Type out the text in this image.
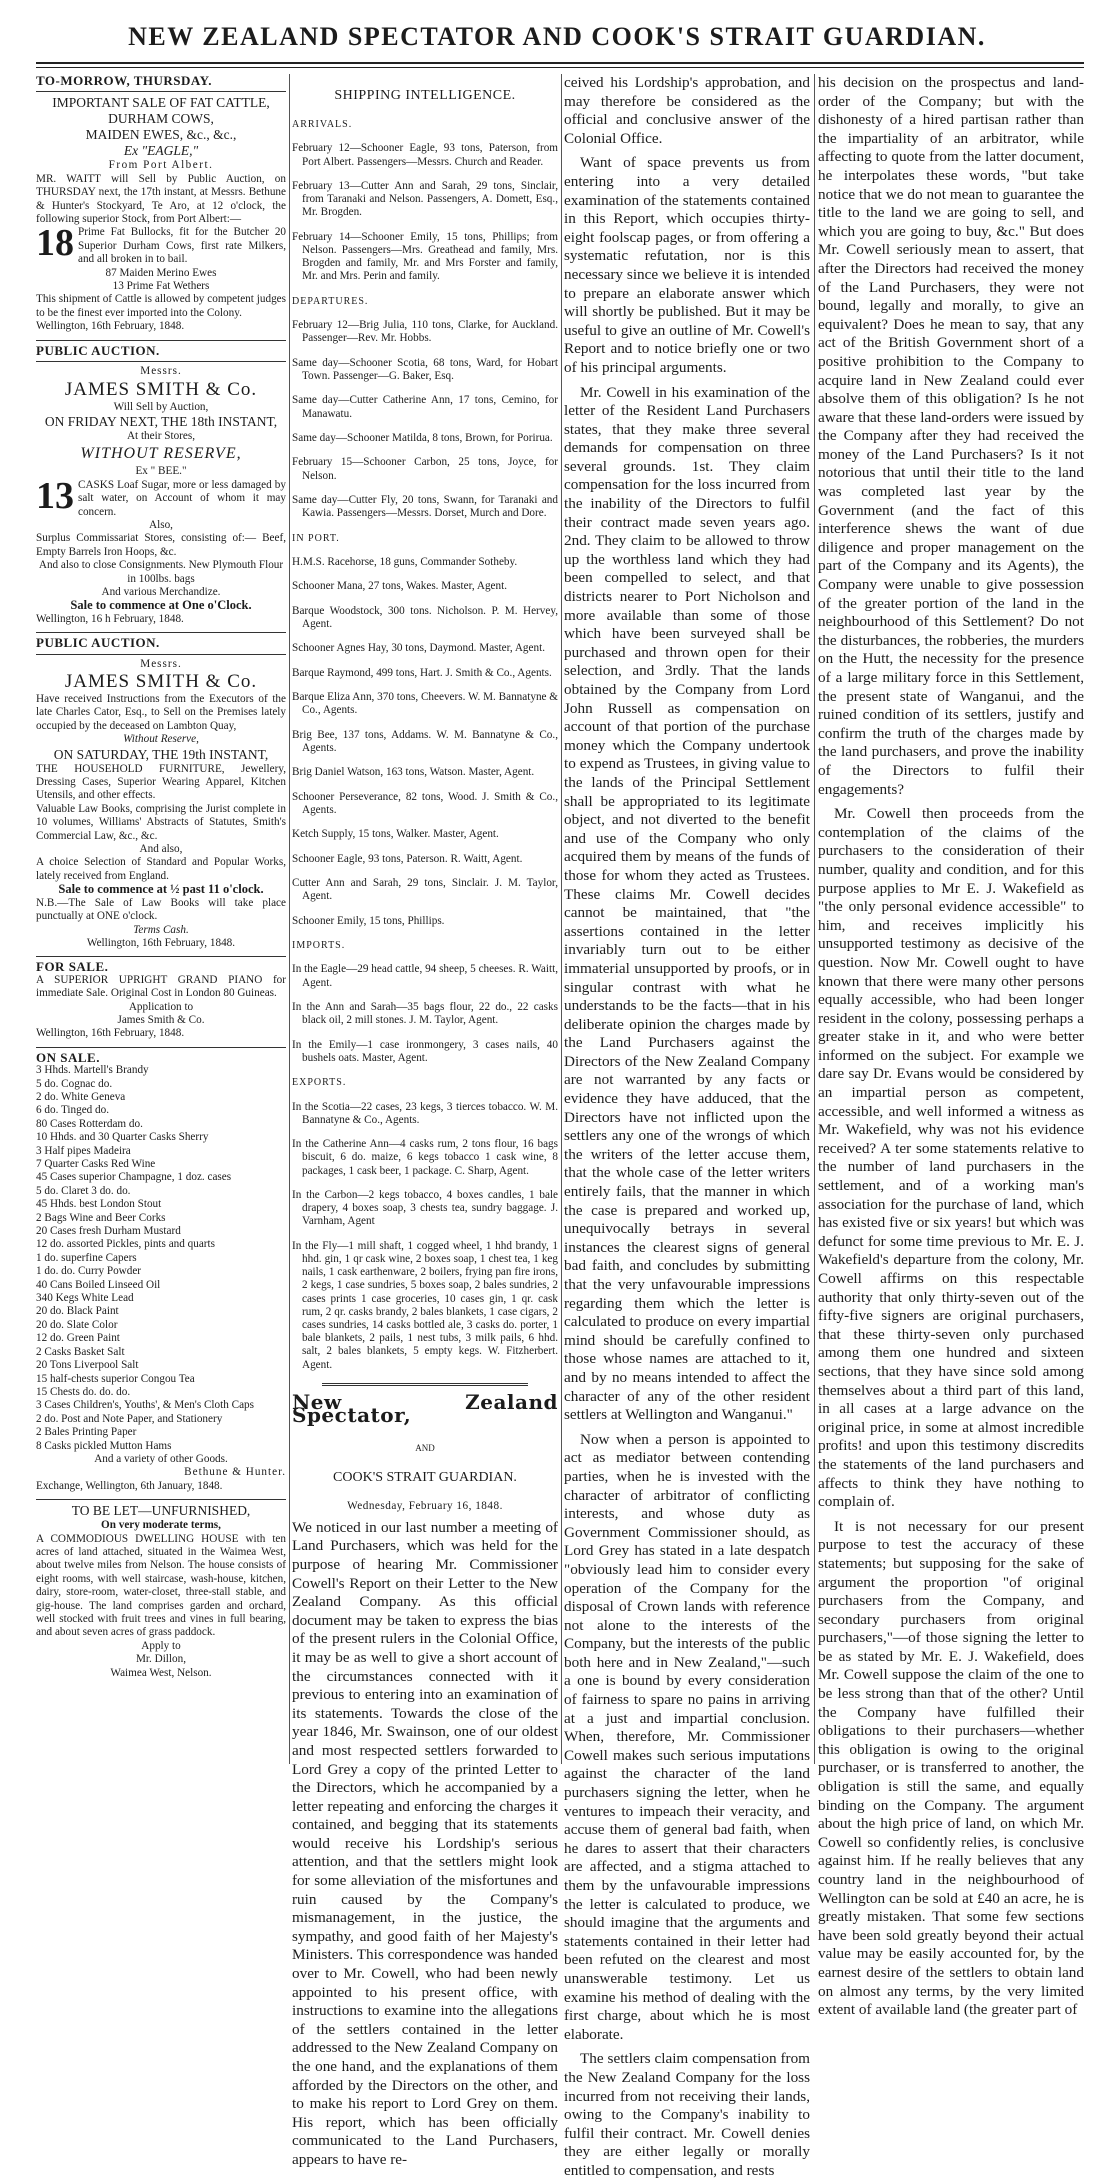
NEW ZEALAND SPECTATOR AND COOK'S STRAIT GUARDIAN.

TO-MORROW, THURSDAY.

IMPORTANT SALE OF FAT CATTLE, DURHAM COWS,

MAIDEN EWES, &c., &c.,

Ex "EAGLE,"

From Port Albert.

MR. WAITT will Sell by Public Auction, on THURSDAY next, the 17th instant, at Messrs. Bethune & Hunter's Stockyard, Te Aro, at 12 o'clock, the following superior Stock, from Port Albert:—

18 Prime Fat Bullocks, fit for the Butcher 20 Superior Durham Cows, first rate Milkers, and all broken in to bail.

87 Maiden Merino Ewes

13 Prime Fat Wethers

This shipment of Cattle is allowed by competent judges to be the finest ever imported into the Colony.

Wellington, 16th February, 1848.

PUBLIC AUCTION.

Messrs.

JAMES SMITH & Co.

Will Sell by Auction,

ON FRIDAY NEXT, THE 18th INSTANT,

At their Stores,

WITHOUT RESERVE,

Ex " BEE."

13 CASKS Loaf Sugar, more or less damaged by salt water, on Account of whom it may concern.

Also,

Surplus Commissariat Stores, consisting of:— Beef, Empty Barrels Iron Hoops, &c.

And also to close Consignments. New Plymouth Flour in 100lbs. bags

And various Merchandize.

Sale to commence at One o'Clock.

Wellington, 16 h February, 1848.

PUBLIC AUCTION.

Messrs.

JAMES SMITH & Co.

Have received Instructions from the Executors of the late Charles Cator, Esq., to Sell on the Premises lately occupied by the deceased on Lambton Quay,

Without Reserve,

ON SATURDAY, THE 19th INSTANT,

THE HOUSEHOLD FURNITURE, Jewellery, Dressing Cases, Superior Wearing Apparel, Kitchen Utensils, and other effects.

Valuable Law Books, comprising the Jurist complete in 10 volumes, Williams' Abstracts of Statutes, Smith's Commercial Law, &c., &c.

And also,

A choice Selection of Standard and Popular Works, lately received from England.

Sale to commence at ½ past 11 o'clock.

N.B.—The Sale of Law Books will take place punctually at ONE o'clock.

Terms Cash.

Wellington, 16th February, 1848.

FOR SALE.

A SUPERIOR UPRIGHT GRAND PIANO for immediate Sale. Original Cost in London 80 Guineas.

Application to

James Smith & Co.

Wellington, 16th February, 1848.

ON SALE.

3 Hhds. Martell's Brandy

5 do. Cognac do.

2 do. White Geneva

6 do. Tinged do.

80 Cases Rotterdam do.

10 Hhds. and 30 Quarter Casks Sherry

3 Half pipes Madeira

7 Quarter Casks Red Wine

45 Cases superior Champagne, 1 doz. cases

5 do. Claret 3 do. do.

45 Hhds. best London Stout

2 Bags Wine and Beer Corks

20 Cases fresh Durham Mustard

12 do. assorted Pickles, pints and quarts

1 do. superfine Capers

1 do. do. Curry Powder

40 Cans Boiled Linseed Oil

340 Kegs White Lead

20 do. Black Paint

20 do. Slate Color

12 do. Green Paint

2 Casks Basket Salt

20 Tons Liverpool Salt

15 half-chests superior Congou Tea

15 Chests do. do. do.

3 Cases Children's, Youths', & Men's Cloth Caps

2 do. Post and Note Paper, and Stationery

2 Bales Printing Paper

8 Casks pickled Mutton Hams

And a variety of other Goods.

Bethune & Hunter.

Exchange, Wellington, 6th January, 1848.

TO BE LET—UNFURNISHED,

On very moderate terms,

A COMMODIOUS DWELLING HOUSE with ten acres of land attached, situated in the Waimea West, about twelve miles from Nelson. The house consists of eight rooms, with well staircase, wash-house, kitchen, dairy, store-room, water-closet, three-stall stable, and gig-house. The land comprises garden and orchard, well stocked with fruit trees and vines in full bearing, and about seven acres of grass paddock.

Apply to

Mr. Dillon,

Waimea West, Nelson.

SHIPPING INTELLIGENCE.

ARRIVALS.

February 12—Schooner Eagle, 93 tons, Paterson, from Port Albert. Passengers—Messrs. Church and Reader.

February 13—Cutter Ann and Sarah, 29 tons, Sinclair, from Taranaki and Nelson. Passengers, A. Domett, Esq., Mr. Brogden.

February 14—Schooner Emily, 15 tons, Phillips; from Nelson. Passengers—Mrs. Greathead and family, Mrs. Brogden and family, Mr. and Mrs Forster and family, Mr. and Mrs. Perin and family.

DEPARTURES.

February 12—Brig Julia, 110 tons, Clarke, for Auckland. Passenger—Rev. Mr. Hobbs.

Same day—Schooner Scotia, 68 tons, Ward, for Hobart Town. Passenger—G. Baker, Esq.

Same day—Cutter Catherine Ann, 17 tons, Cemino, for Manawatu.

Same day—Schooner Matilda, 8 tons, Brown, for Porirua.

February 15—Schooner Carbon, 25 tons, Joyce, for Nelson.

Same day—Cutter Fly, 20 tons, Swann, for Taranaki and Kawia. Passengers—Messrs. Dorset, Murch and Dore.

IN PORT.

H.M.S. Racehorse, 18 guns, Commander Sotheby.

Schooner Mana, 27 tons, Wakes. Master, Agent.

Barque Woodstock, 300 tons. Nicholson. P. M. Hervey, Agent.

Schooner Agnes Hay, 30 tons, Daymond. Master, Agent.

Barque Raymond, 499 tons, Hart. J. Smith & Co., Agents.

Barque Eliza Ann, 370 tons, Cheevers. W. M. Bannatyne & Co., Agents.

Brig Bee, 137 tons, Addams. W. M. Bannatyne & Co., Agents.

Brig Daniel Watson, 163 tons, Watson. Master, Agent.

Schooner Perseverance, 82 tons, Wood. J. Smith & Co., Agents.

Ketch Supply, 15 tons, Walker. Master, Agent.

Schooner Eagle, 93 tons, Paterson. R. Waitt, Agent.

Cutter Ann and Sarah, 29 tons, Sinclair. J. M. Taylor, Agent.

Schooner Emily, 15 tons, Phillips.

IMPORTS.

In the Eagle—29 head cattle, 94 sheep, 5 cheeses. R. Waitt, Agent.

In the Ann and Sarah—35 bags flour, 22 do., 22 casks black oil, 2 mill stones. J. M. Taylor, Agent.

In the Emily—1 case ironmongery, 3 cases nails, 40 bushels oats. Master, Agent.

EXPORTS.

In the Scotia—22 cases, 23 kegs, 3 tierces tobacco. W. M. Bannatyne & Co., Agents.

In the Catherine Ann—4 casks rum, 2 tons flour, 16 bags biscuit, 6 do. maize, 6 kegs tobacco 1 cask wine, 8 packages, 1 cask beer, 1 package. C. Sharp, Agent.

In the Carbon—2 kegs tobacco, 4 boxes candles, 1 bale drapery, 4 boxes soap, 3 chests tea, sundry baggage. J. Varnham, Agent

In the Fly—1 mill shaft, 1 cogged wheel, 1 hhd brandy, 1 hhd. gin, 1 qr cask wine, 2 boxes soap, 1 chest tea, 1 keg nails, 1 cask earthenware, 2 boilers, frying pan fire irons, 2 kegs, 1 case sundries, 5 boxes soap, 2 bales sundries, 2 cases prints 1 case groceries, 10 cases gin, 1 qr. cask rum, 2 qr. casks brandy, 2 bales blankets, 1 case cigars, 2 cases sundries, 14 casks bottled ale, 3 casks do. porter, 1 bale blankets, 2 pails, 1 nest tubs, 3 milk pails, 6 hhd. salt, 2 bales blankets, 5 empty kegs. W. Fitzherbert. Agent.

New Zealand Spectator,

AND

COOK'S STRAIT GUARDIAN.

Wednesday, February 16, 1848.

We noticed in our last number a meeting of Land Purchasers, which was held for the purpose of hearing Mr. Commissioner Cowell's Report on their Letter to the New Zealand Company. As this official document may be taken to express the bias of the present rulers in the Colonial Office, it may be as well to give a short account of the circumstances connected with it previous to entering into an examination of its statements. Towards the close of the year 1846, Mr. Swainson, one of our oldest and most respected settlers forwarded to Lord Grey a copy of the printed Letter to the Directors, which he accompanied by a letter repeating and enforcing the charges it contained, and begging that its statements would receive his Lordship's serious attention, and that the settlers might look for some alleviation of the misfortunes and ruin caused by the Company's mismanagement, in the justice, the sympathy, and good faith of her Majesty's Ministers. This correspondence was handed over to Mr. Cowell, who had been newly appointed to his present office, with instructions to examine into the allegations of the settlers contained in the letter addressed to the New Zealand Company on the one hand, and the explanations of them afforded by the Directors on the other, and to make his report to Lord Grey on them. His report, which has been officially communicated to the Land Purchasers, appears to have re-

ceived his Lordship's approbation, and may therefore be considered as the official and conclusive answer of the Colonial Office.

Want of space prevents us from entering into a very detailed examination of the statements contained in this Report, which occupies thirty-eight foolscap pages, or from offering a systematic refutation, nor is this necessary since we believe it is intended to prepare an elaborate answer which will shortly be published. But it may be useful to give an outline of Mr. Cowell's Report and to notice briefly one or two of his principal arguments.

Mr. Cowell in his examination of the letter of the Resident Land Purchasers states, that they make three several demands for compensation on three several grounds. 1st. They claim compensation for the loss incurred from the inability of the Directors to fulfil their contract made seven years ago. 2nd. They claim to be allowed to throw up the worthless land which they had been compelled to select, and that districts nearer to Port Nicholson and more available than some of those which have been surveyed shall be purchased and thrown open for their selection, and 3rdly. That the lands obtained by the Company from Lord John Russell as compensation on account of that portion of the purchase money which the Company undertook to expend as Trustees, in giving value to the lands of the Principal Settlement shall be appropriated to its legitimate object, and not diverted to the benefit and use of the Company who only acquired them by means of the funds of those for whom they acted as Trustees. These claims Mr. Cowell decides cannot be maintained, that "the assertions contained in the letter invariably turn out to be either immaterial unsupported by proofs, or in singular contrast with what he understands to be the facts—that in his deliberate opinion the charges made by the Land Purchasers against the Directors of the New Zealand Company are not warranted by any facts or evidence they have adduced, that the Directors have not inflicted upon the settlers any one of the wrongs of which the writers of the letter accuse them, that the whole case of the letter writers entirely fails, that the manner in which the case is prepared and worked up, unequivocally betrays in several instances the clearest signs of general bad faith, and concludes by submitting that the very unfavourable impressions regarding them which the letter is calculated to produce on every impartial mind should be carefully confined to those whose names are attached to it, and by no means intended to affect the character of any of the other resident settlers at Wellington and Wanganui."

Now when a person is appointed to act as mediator between contending parties, when he is invested with the character of arbitrator of conflicting interests, and whose duty as Government Commissioner should, as Lord Grey has stated in a late despatch "obviously lead him to consider every operation of the Company for the disposal of Crown lands with reference not alone to the interests of the Company, but the interests of the public both here and in New Zealand,"—such a one is bound by every consideration of fairness to spare no pains in arriving at a just and impartial conclusion. When, therefore, Mr. Commissioner Cowell makes such serious imputations against the character of the land purchasers signing the letter, when he ventures to impeach their veracity, and accuse them of general bad faith, when he dares to assert that their characters are affected, and a stigma attached to them by the unfavourable impressions the letter is calculated to produce, we should imagine that the arguments and statements contained in their letter had been refuted on the clearest and most unanswerable testimony. Let us examine his method of dealing with the first charge, about which he is most elaborate.

The settlers claim compensation from the New Zealand Company for the loss incurred from not receiving their lands, owing to the Company's inability to fulfil their contract. Mr. Cowell denies they are either legally or morally entitled to compensation, and rests

his decision on the prospectus and land-order of the Company; but with the dishonesty of a hired partisan rather than the impartiality of an arbitrator, while affecting to quote from the latter document, he interpolates these words, "but take notice that we do not mean to guarantee the title to the land we are going to sell, and which you are going to buy, &c." But does Mr. Cowell seriously mean to assert, that after the Directors had received the money of the Land Purchasers, they were not bound, legally and morally, to give an equivalent? Does he mean to say, that any act of the British Government short of a positive prohibition to the Company to acquire land in New Zealand could ever absolve them of this obligation? Is he not aware that these land-orders were issued by the Company after they had received the money of the Land Purchasers? Is it not notorious that until their title to the land was completed last year by the Government (and the fact of this interference shews the want of due diligence and proper management on the part of the Company and its Agents), the Company were unable to give possession of the greater portion of the land in the neighbourhood of this Settlement? Do not the disturbances, the robberies, the murders on the Hutt, the necessity for the presence of a large military force in this Settlement, the present state of Wanganui, and the ruined condition of its settlers, justify and confirm the truth of the charges made by the land purchasers, and prove the inability of the Directors to fulfil their engagements?

Mr. Cowell then proceeds from the contemplation of the claims of the purchasers to the consideration of their number, quality and condition, and for this purpose applies to Mr E. J. Wakefield as "the only personal evidence accessible" to him, and receives implicitly his unsupported testimony as decisive of the question. Now Mr. Cowell ought to have known that there were many other persons equally accessible, who had been longer resident in the colony, possessing perhaps a greater stake in it, and who were better informed on the subject. For example we dare say Dr. Evans would be considered by an impartial person as competent, accessible, and well informed a witness as Mr. Wakefield, why was not his evidence received? A ter some statements relative to the number of land purchasers in the settlement, and of a working man's association for the purchase of land, which has existed five or six years! but which was defunct for some time previous to Mr. E. J. Wakefield's departure from the colony, Mr. Cowell affirms on this respectable authority that only thirty-seven out of the fifty-five signers are original purchasers, that these thirty-seven only purchased among them one hundred and sixteen sections, that they have since sold among themselves about a third part of this land, in all cases at a large advance on the original price, in some at almost incredible profits! and upon this testimony discredits the statements of the land purchasers and affects to think they have nothing to complain of.

It is not necessary for our present purpose to test the accuracy of these statements; but supposing for the sake of argument the proportion "of original purchasers from the Company, and secondary purchasers from original purchasers,"—of those signing the letter to be as stated by Mr. E. J. Wakefield, does Mr. Cowell suppose the claim of the one to be less strong than that of the other? Until the Company have fulfilled their obligations to their purchasers—whether this obligation is owing to the original purchaser, or is transferred to another, the obligation is still the same, and equally binding on the Company. The argument about the high price of land, on which Mr. Cowell so confidently relies, is conclusive against him. If he really believes that any country land in the neighbourhood of Wellington can be sold at £40 an acre, he is greatly mistaken. That some few sections have been sold greatly beyond their actual value may be easily accounted for, by the earnest desire of the settlers to obtain land on almost any terms, by the very limited extent of available land (the greater part of
